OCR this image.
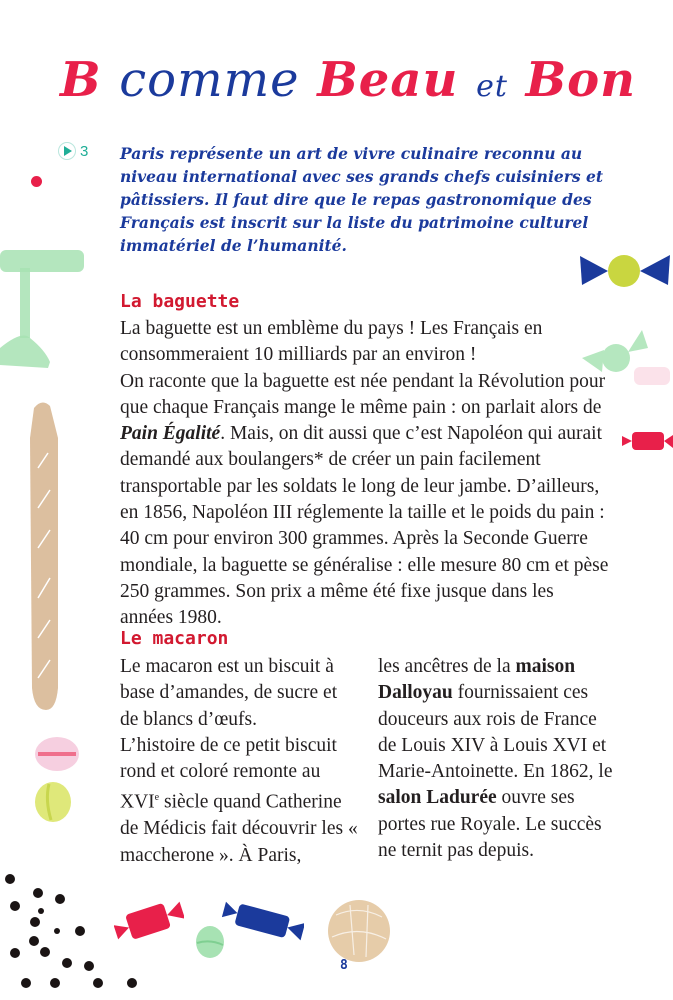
B comme Beau et Bon
3 Paris représente un art de vivre culinaire reconnu au niveau international avec ses grands chefs cuisiniers et pâtissiers. Il faut dire que le repas gastronomique des Français est inscrit sur la liste du patrimoine culturel immatériel de l’humanité.
La baguette
La baguette est un emblème du pays ! Les Français en consommeraient 10 milliards par an environ !
On raconte que la baguette est née pendant la Révolution pour que chaque Français mange le même pain : on parlait alors de Pain Égalité. Mais, on dit aussi que c’est Napoléon qui aurait demandé aux boulangers* de créer un pain facilement transportable par les soldats le long de leur jambe. D’ailleurs, en 1856, Napoléon III réglemente la taille et le poids du pain : 40 cm pour environ 300 grammes. Après la Seconde Guerre mondiale, la baguette se généralise : elle mesure 80 cm et pèse 250 grammes. Son prix a même été fixe jusque dans les années 1980.
Le macaron
Le macaron est un biscuit à base d’amandes, de sucre et de blancs d’œufs.
L’histoire de ce petit biscuit rond et coloré remonte au XVIe siècle quand Catherine de Médicis fait découvrir les « maccherone ». À Paris,
les ancêtres de la maison Dalloyau fournissaient ces douceurs aux rois de France de Louis XIV à Louis XVI et Marie-Antoinette. En 1862, le salon Ladurée ouvre ses portes rue Royale. Le succès ne ternit pas depuis.
8
